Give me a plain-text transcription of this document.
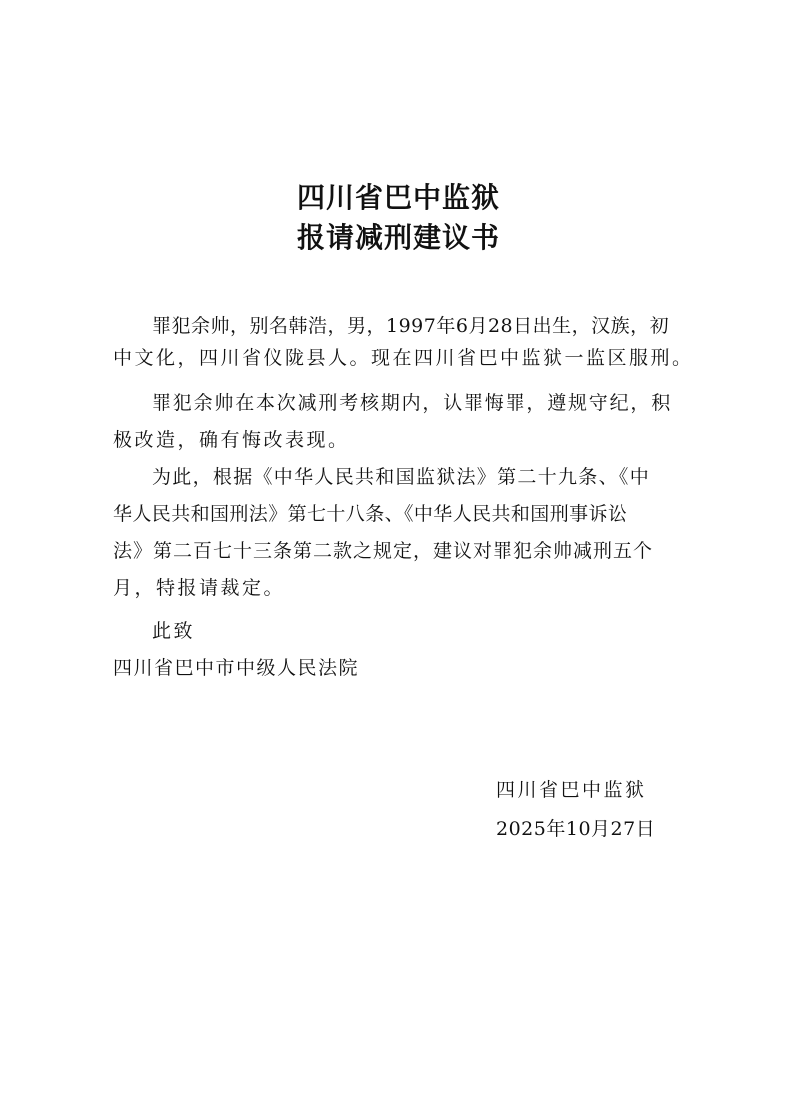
四川省巴中监狱
报请减刑建议书
罪犯余帅，别名韩浩，男，1997年6月28日出生，汉族，初
中文化，四川省仪陇县人。现在四川省巴中监狱一监区服刑。
罪犯余帅在本次减刑考核期内，认罪悔罪，遵规守纪，积
极改造，确有悔改表现。
为此，根据《中华人民共和国监狱法》第二十九条、《中
华人民共和国刑法》第七十八条、《中华人民共和国刑事诉讼
法》第二百七十三条第二款之规定，建议对罪犯余帅减刑五个
月，特报请裁定。
此致
四川省巴中市中级人民法院
四川省巴中监狱
2025年10月27日
